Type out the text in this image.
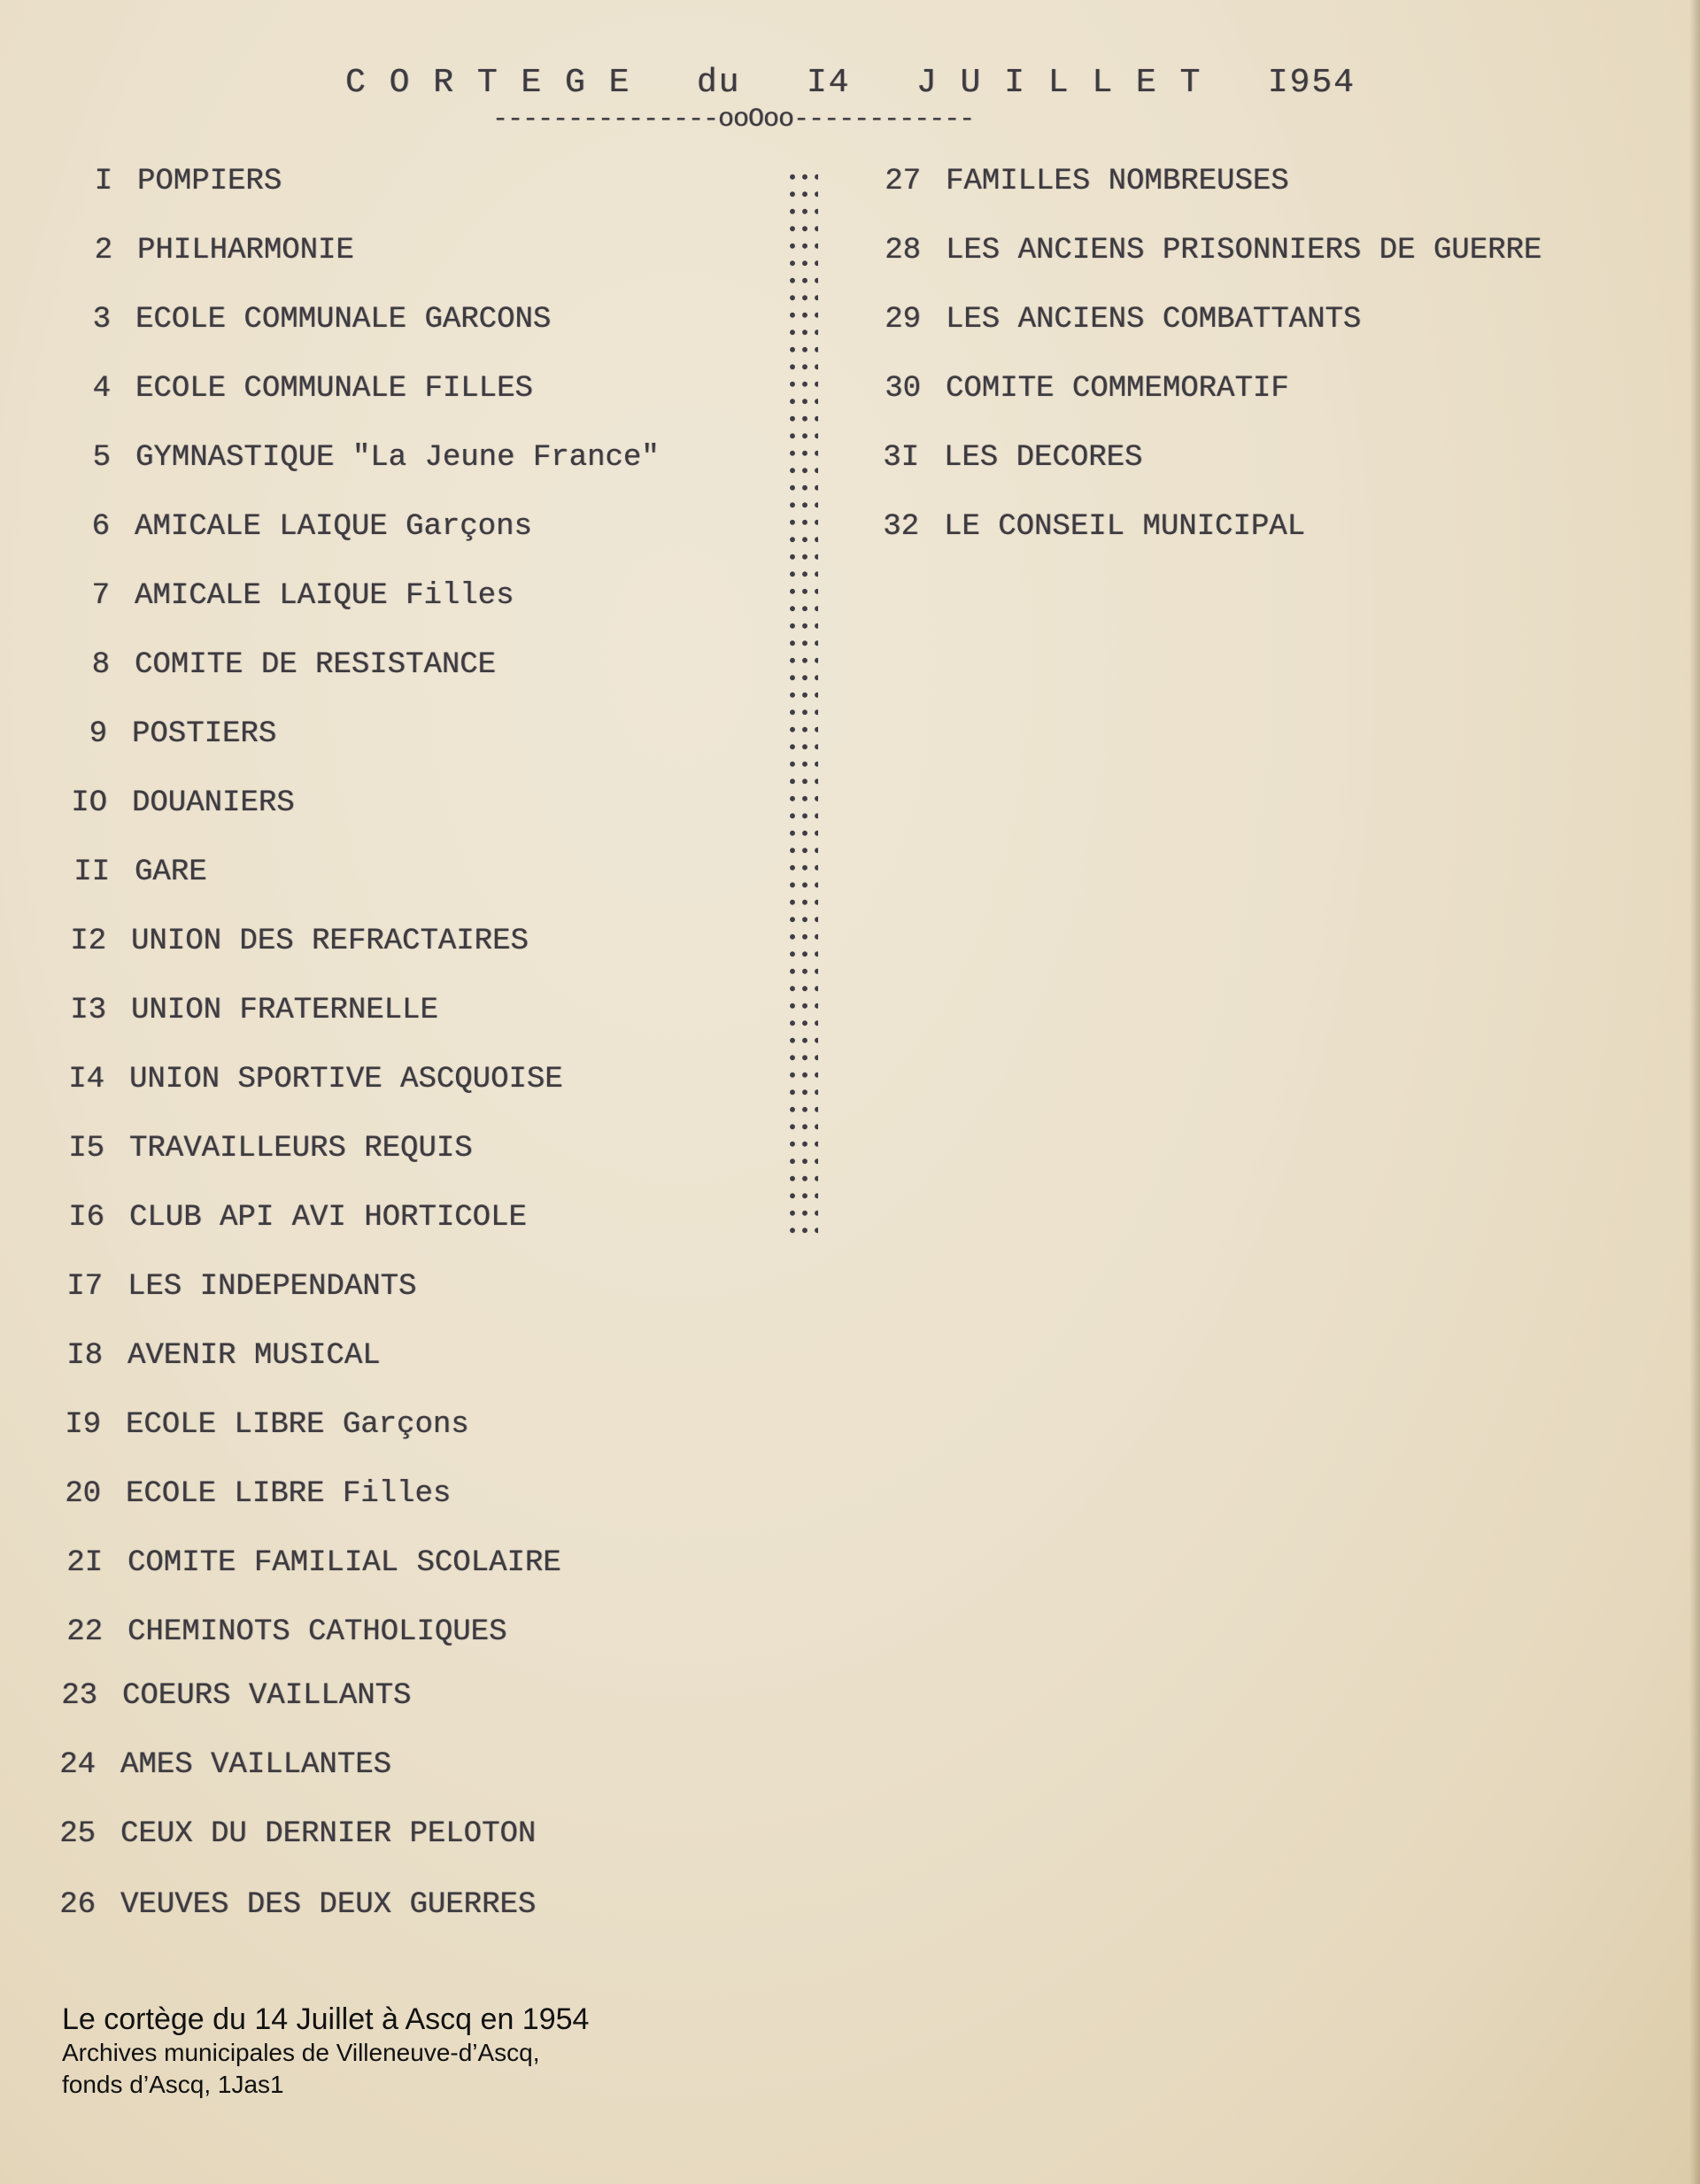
C O R T E G E   du   I4   J U I L L E T   I954
---------------ooOoo------------
I POMPIERS
2 PHILHARMONIE
3 ECOLE COMMUNALE GARCONS
4 ECOLE COMMUNALE FILLES
5 GYMNASTIQUE "La Jeune France"
6 AMICALE LAIQUE Garçons
7 AMICALE LAIQUE Filles
8 COMITE DE RESISTANCE
9 POSTIERS
IO DOUANIERS
II GARE
I2 UNION DES REFRACTAIRES
I3 UNION FRATERNELLE
I4 UNION SPORTIVE ASCQUOISE
I5 TRAVAILLEURS REQUIS
I6 CLUB API AVI HORTICOLE
I7 LES INDEPENDANTS
I8 AVENIR MUSICAL
I9 ECOLE LIBRE Garçons
20 ECOLE LIBRE Filles
2I COMITE FAMILIAL SCOLAIRE
22 CHEMINOTS CATHOLIQUES
23 COEURS VAILLANTS
24 AMES VAILLANTES
25 CEUX DU DERNIER PELOTON
26 VEUVES DES DEUX GUERRES
27 FAMILLES NOMBREUSES
28 LES ANCIENS PRISONNIERS DE GUERRE
29 LES ANCIENS COMBATTANTS
30 COMITE COMMEMORATIF
3I LES DECORES
32 LE CONSEIL MUNICIPAL
Le cortège du 14 Juillet à Ascq en 1954
Archives municipales de Villeneuve-d’Ascq,
fonds d’Ascq, 1Jas1
